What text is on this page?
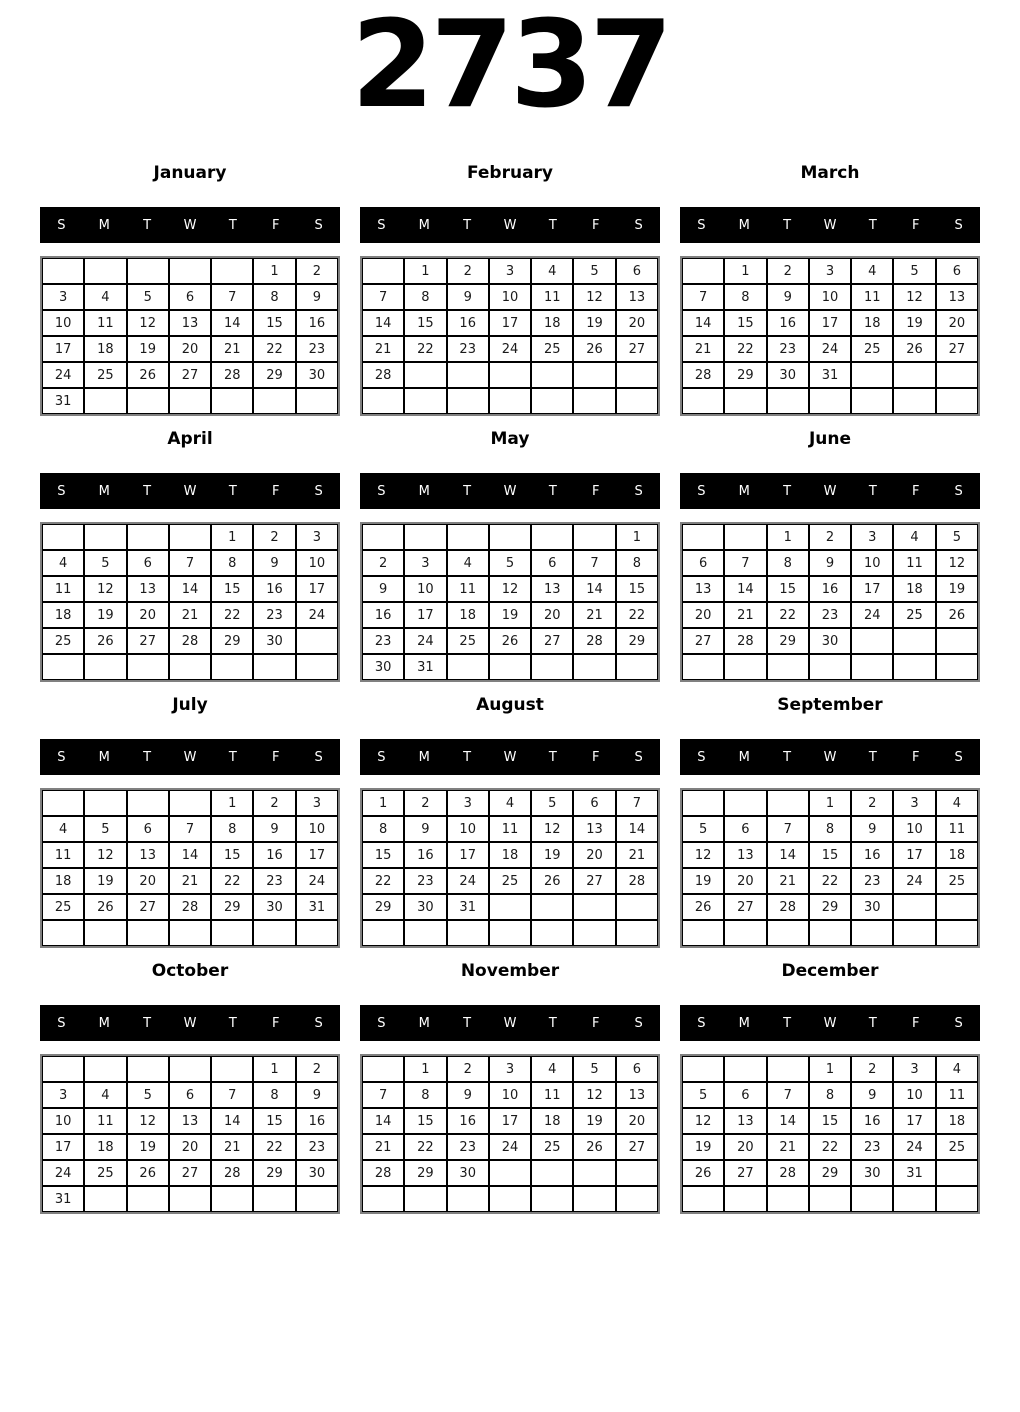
2737
January
S	M	T	W	T	F	S
					1	2
3	4	5	6	7	8	9
10	11	12	13	14	15	16
17	18	19	20	21	22	23
24	25	26	27	28	29	30
31						
February
S	M	T	W	T	F	S
	1	2	3	4	5	6
7	8	9	10	11	12	13
14	15	16	17	18	19	20
21	22	23	24	25	26	27
28						

March
S	M	T	W	T	F	S
	1	2	3	4	5	6
7	8	9	10	11	12	13
14	15	16	17	18	19	20
21	22	23	24	25	26	27
28	29	30	31			

April
S	M	T	W	T	F	S
				1	2	3
4	5	6	7	8	9	10
11	12	13	14	15	16	17
18	19	20	21	22	23	24
25	26	27	28	29	30	

May
S	M	T	W	T	F	S
						1
2	3	4	5	6	7	8
9	10	11	12	13	14	15
16	17	18	19	20	21	22
23	24	25	26	27	28	29
30	31					
June
S	M	T	W	T	F	S
		1	2	3	4	5
6	7	8	9	10	11	12
13	14	15	16	17	18	19
20	21	22	23	24	25	26
27	28	29	30			

July
S	M	T	W	T	F	S
				1	2	3
4	5	6	7	8	9	10
11	12	13	14	15	16	17
18	19	20	21	22	23	24
25	26	27	28	29	30	31

August
S	M	T	W	T	F	S
1	2	3	4	5	6	7
8	9	10	11	12	13	14
15	16	17	18	19	20	21
22	23	24	25	26	27	28
29	30	31				

September
S	M	T	W	T	F	S
			1	2	3	4
5	6	7	8	9	10	11
12	13	14	15	16	17	18
19	20	21	22	23	24	25
26	27	28	29	30		

October
S	M	T	W	T	F	S
					1	2
3	4	5	6	7	8	9
10	11	12	13	14	15	16
17	18	19	20	21	22	23
24	25	26	27	28	29	30
31						
November
S	M	T	W	T	F	S
	1	2	3	4	5	6
7	8	9	10	11	12	13
14	15	16	17	18	19	20
21	22	23	24	25	26	27
28	29	30				

December
S	M	T	W	T	F	S
			1	2	3	4
5	6	7	8	9	10	11
12	13	14	15	16	17	18
19	20	21	22	23	24	25
26	27	28	29	30	31	
